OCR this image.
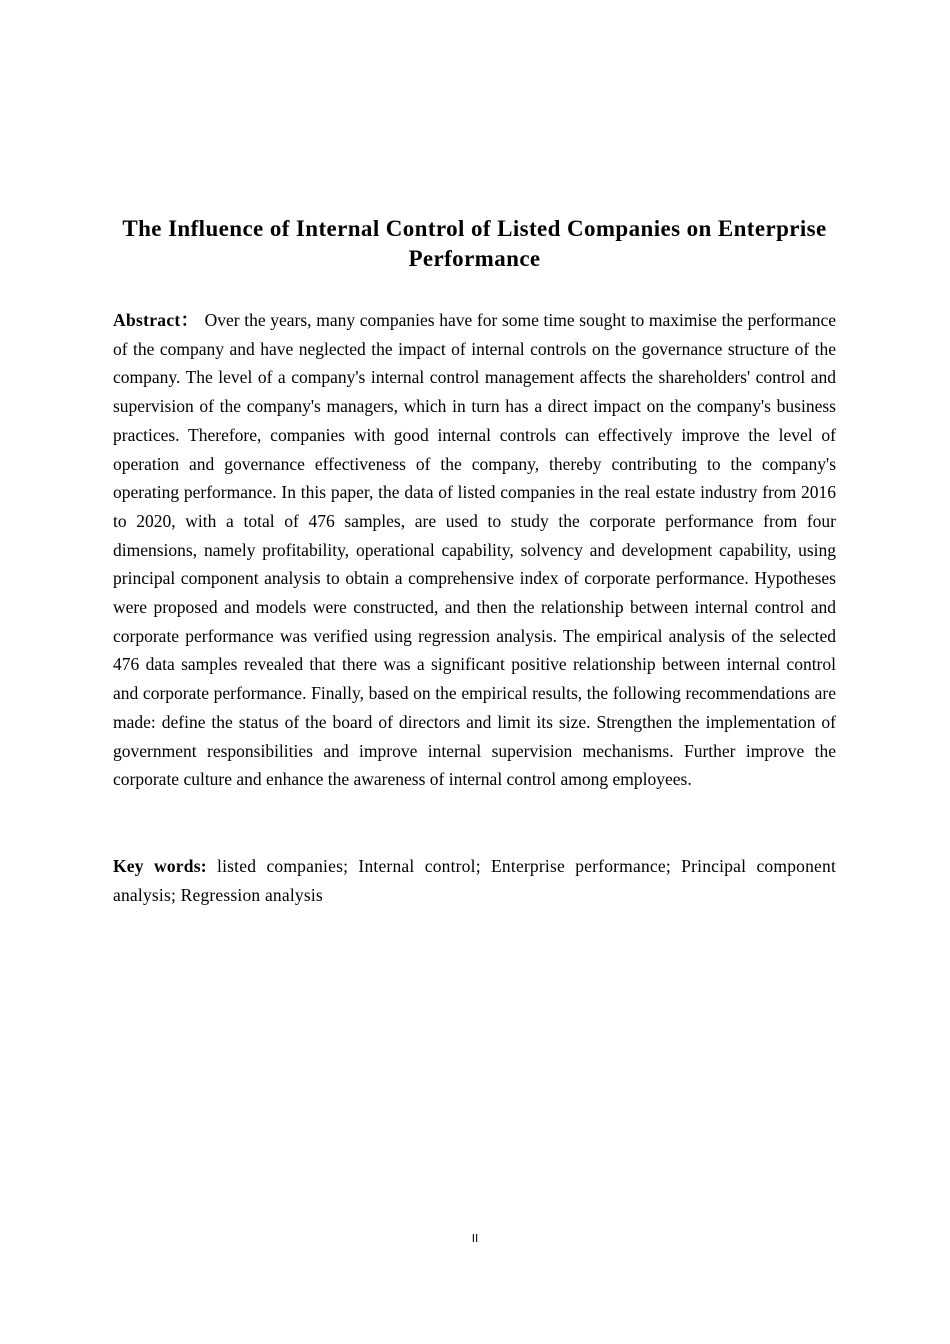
The Influence of Internal Control of Listed Companies on Enterprise Performance

Abstract： Over the years, many companies have for some time sought to maximise the performance of the company and have neglected the impact of internal controls on the governance structure of the company. The level of a company's internal control management affects the shareholders' control and supervision of the company's managers, which in turn has a direct impact on the company's business practices. Therefore, companies with good internal controls can effectively improve the level of operation and governance effectiveness of the company, thereby contributing to the company's operating performance. In this paper, the data of listed companies in the real estate industry from 2016 to 2020, with a total of 476 samples, are used to study the corporate performance from four dimensions, namely profitability, operational capability, solvency and development capability, using principal component analysis to obtain a comprehensive index of corporate performance. Hypotheses were proposed and models were constructed, and then the relationship between internal control and corporate performance was verified using regression analysis. The empirical analysis of the selected 476 data samples revealed that there was a significant positive relationship between internal control and corporate performance. Finally, based on the empirical results, the following recommendations are made: define the status of the board of directors and limit its size. Strengthen the implementation of government responsibilities and improve internal supervision mechanisms. Further improve the corporate culture and enhance the awareness of internal control among employees.

Key words: listed companies; Internal control; Enterprise performance; Principal component analysis; Regression analysis

II
